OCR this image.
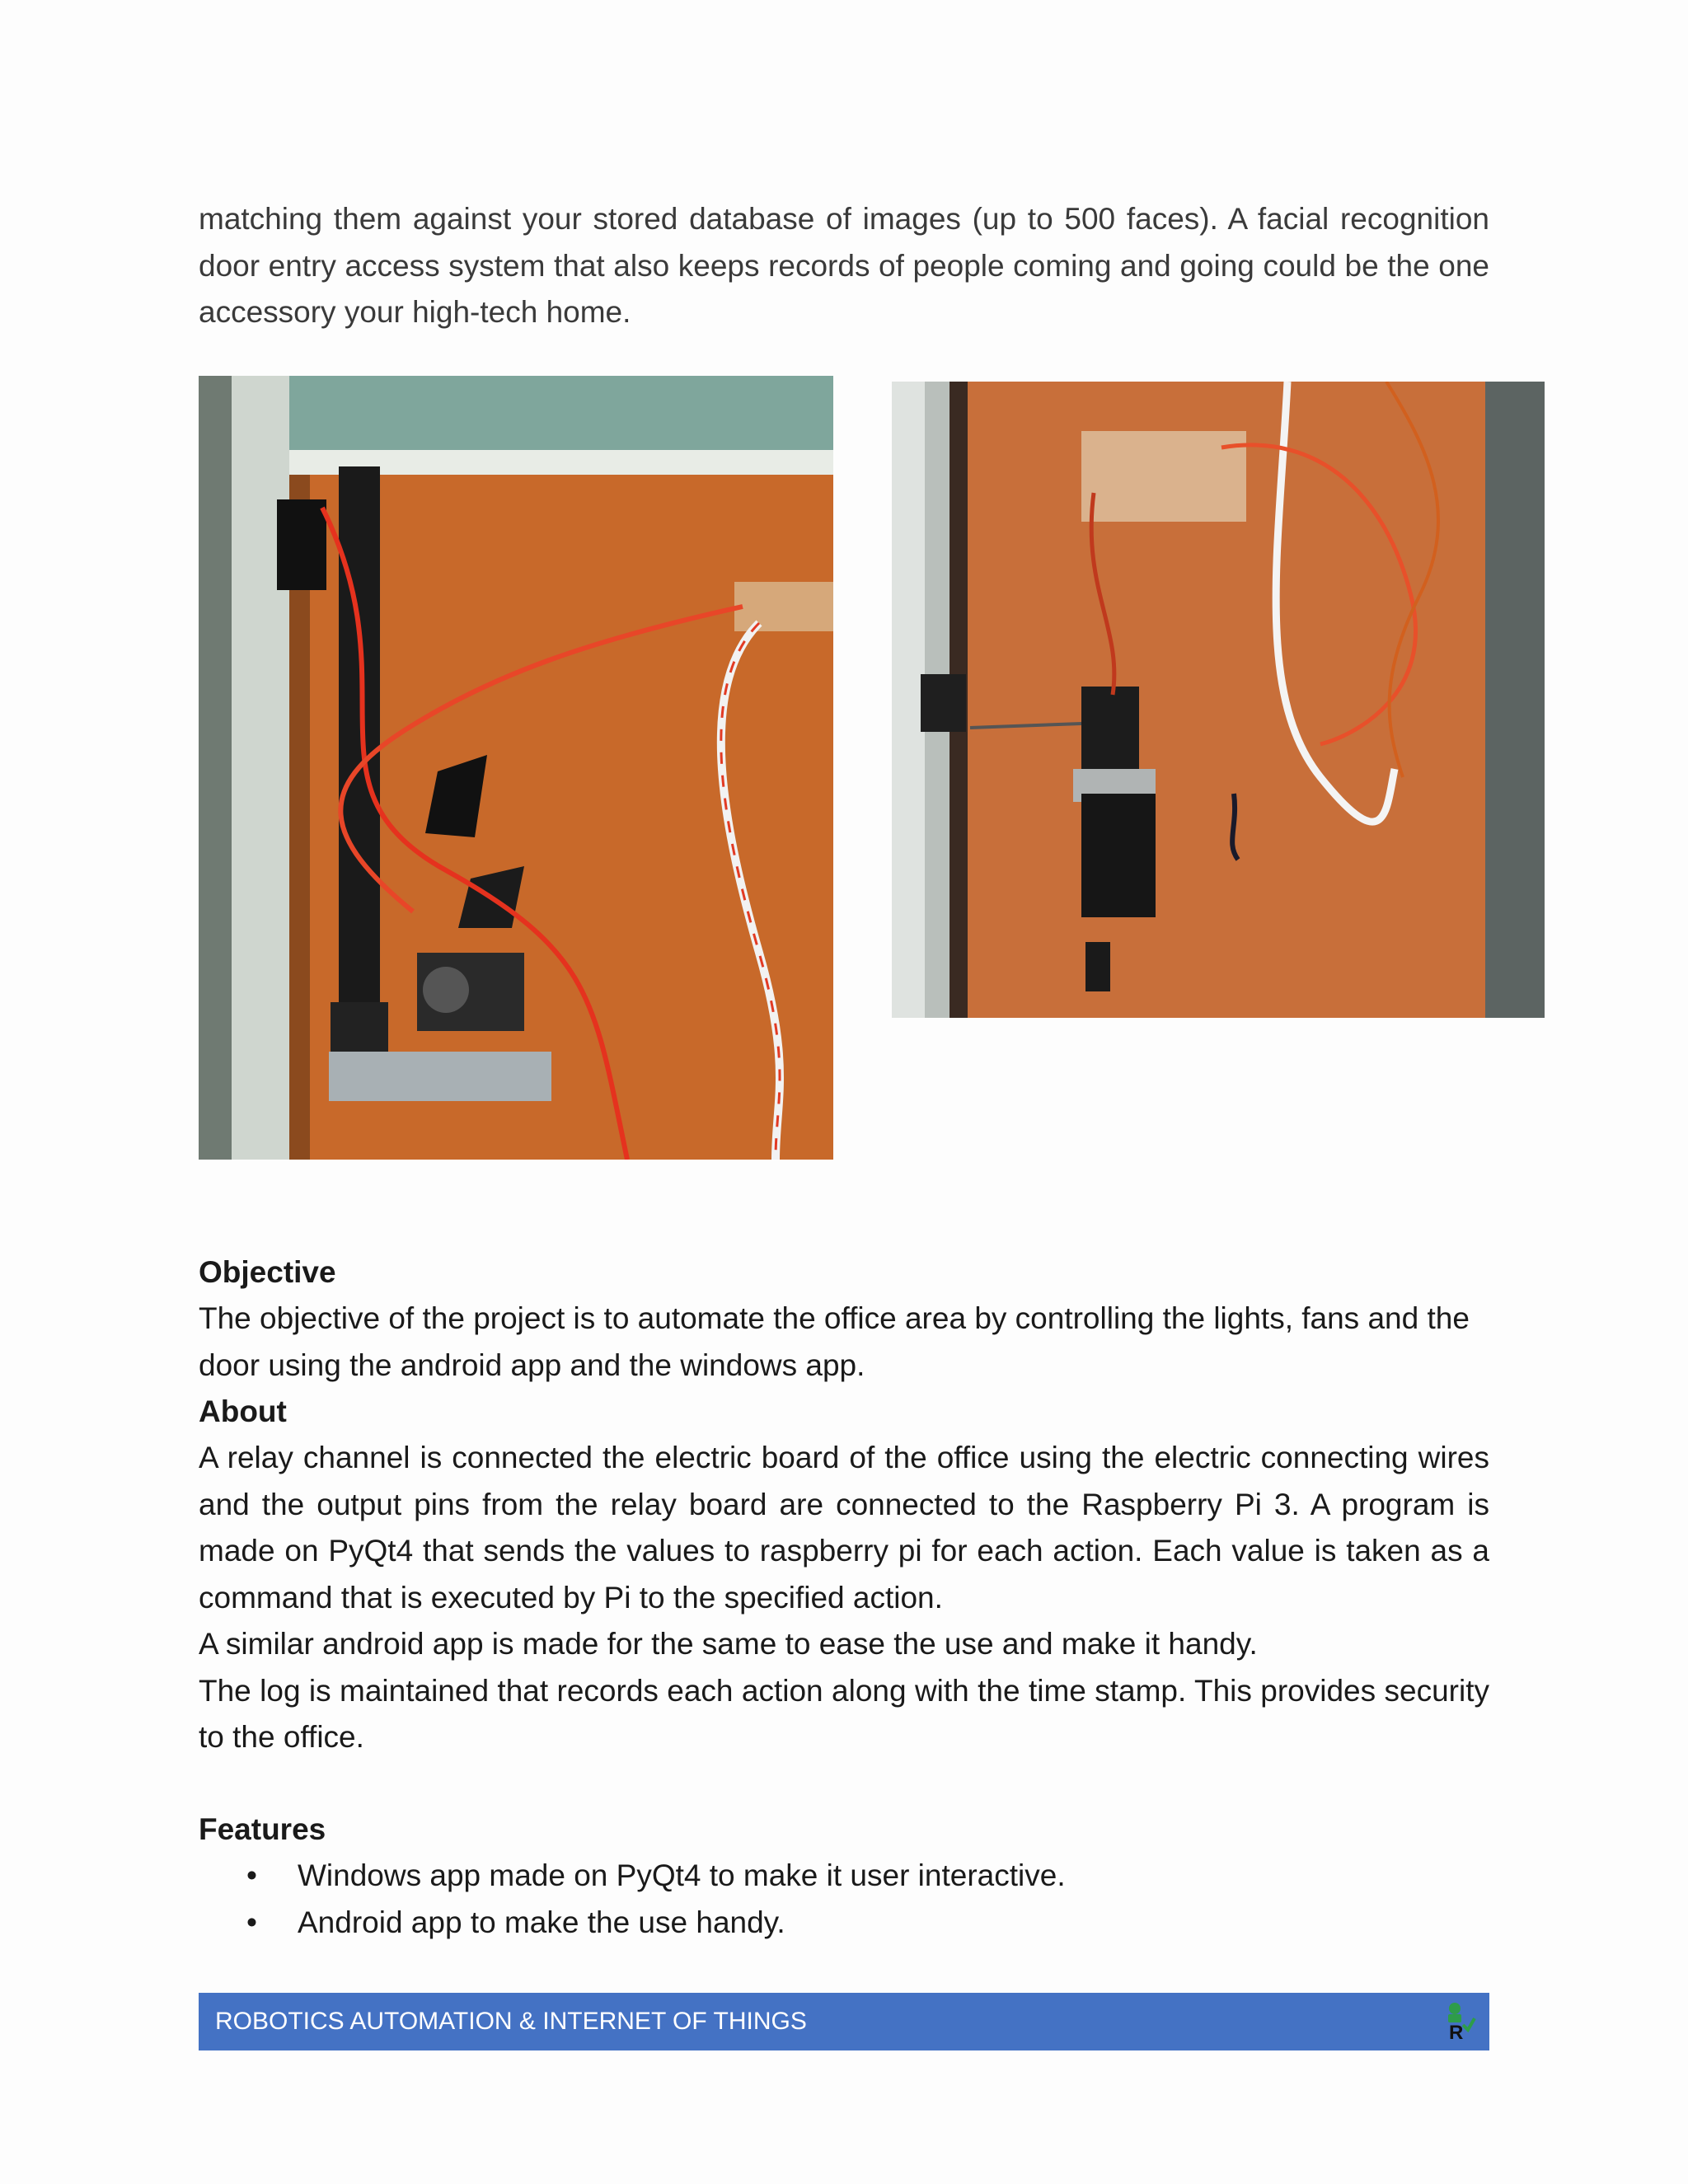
matching them against your stored database of images (up to 500 faces). A facial recognition door entry access system that also keeps records of people coming and going could be the one accessory your high-tech home.

Objective

The objective of the project is to automate the office area by controlling the lights, fans and the door using the android app and the windows app.

About

A relay channel is connected the electric board of the office using the electric connecting wires and the output pins from the relay board are connected to the Raspberry Pi 3. A program is made on PyQt4 that sends the values to raspberry pi for each action. Each value is taken as a command that is executed by Pi to the specified action.
A similar android app is made for the same to ease the use and make it handy.
The log is maintained that records each action along with the time stamp. This provides security to the office.

Features

• Windows app made on PyQt4 to make it user interactive.
• Android app to make the use handy.
ROBOTICS AUTOMATION & INTERNET OF THINGS	R
